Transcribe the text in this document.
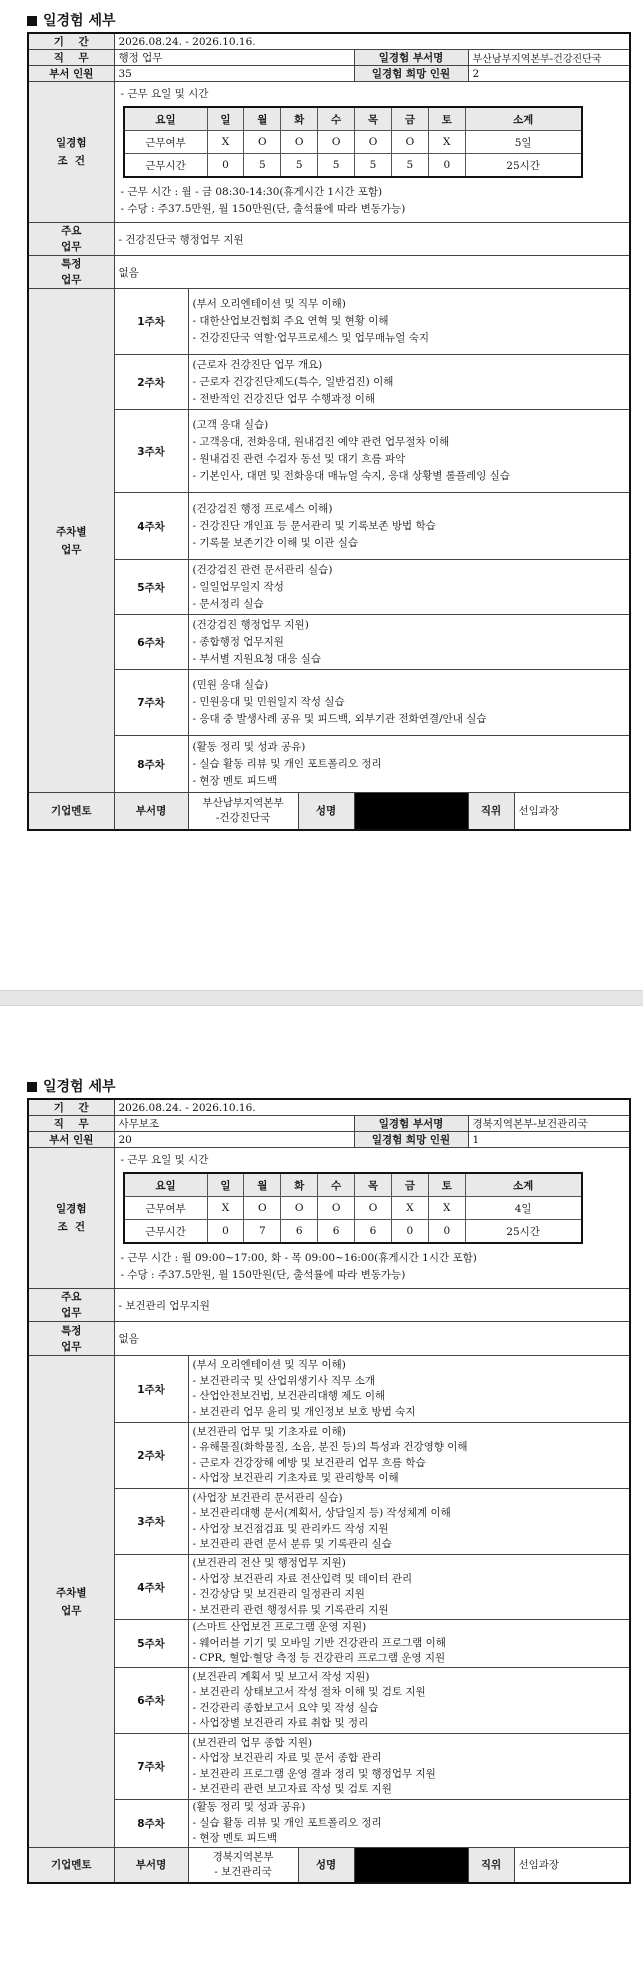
일경험 세부
기    간	2026.08.24. - 2026.10.16.
직    무	행정 업무	일경험 부서명	부산남부지역본부-건강진단국
부서 인원	35	일경험 희망 인원	2
일경험
조  건	
- 근무 요일 및 시간
요일	일	월	화	수	목	금	토	소계
근무여부	X	O	O	O	O	O	X	5일
근무시간	0	5	5	5	5	5	0	25시간
- 근무 시간 : 월 - 금 08:30-14:30(휴게시간 1시간 포함)
- 수당 : 주37.5만원, 월 150만원(단, 출석률에 따라 변동가능)

주요
업무	- 건강진단국 행정업무 지원
특정
업무	없음
주차별
업무	1주차	
(부서 오리엔테이션 및 직무 이해)
- 대한산업보건협회 주요 연혁 및 현황 이해
- 건강진단국 역할·업무프로세스 및 업무매뉴얼 숙지

2주차	
(근로자 건강진단 업무 개요)
- 근로자 건강진단제도(특수, 일반검진) 이해
- 전반적인 건강진단 업무 수행과정 이해

3주차	
(고객 응대 실습)
- 고객응대, 전화응대, 원내검진 예약 관련 업무절차 이해
- 원내검진 관련 수검자 동선 및 대기 흐름 파악
- 기본인사, 대면 및 전화응대 매뉴얼 숙지, 응대 상황별 롤플레잉 실습

4주차	
(건강검진 행정 프로세스 이해)
- 건강진단 개인표 등 문서관리 및 기록보존 방법 학습
- 기록물 보존기간 이해 및 이관 실습

5주차	
(건강검진 관련 문서관리 실습)
- 일일업무일지 작성
- 문서정리 실습

6주차	
(건강검진 행정업무 지원)
- 종합행정 업무지원
- 부서별 지원요청 대응 실습

7주차	
(민원 응대 실습)
- 민원응대 및 민원일지 작성 실습
- 응대 중 발생사례 공유 및 피드백, 외부기관 전화연결/안내 실습

8주차	
(활동 정리 및 성과 공유)
- 실습 활동 리뷰 및 개인 포트폴리오 정리
- 현장 멘토 피드백

기업멘토	부서명	
부산남부지역본부
-건강진단국
	성명		직위	선임과장
일경험 세부
기    간	2026.08.24. - 2026.10.16.
직    무	사무보조	일경험 부서명	경북지역본부-보건관리국
부서 인원	20	일경험 희망 인원	1
일경험
조  건	
- 근무 요일 및 시간
요일	일	월	화	수	목	금	토	소계
근무여부	X	O	O	O	O	X	X	4일
근무시간	0	7	6	6	6	0	0	25시간
- 근무 시간 : 월 09:00~17:00, 화 - 목 09:00~16:00(휴게시간 1시간 포함)
- 수당 : 주37.5만원, 월 150만원(단, 출석률에 따라 변동가능)

주요
업무	- 보건관리 업무지원
특정
업무	없음
주차별
업무	1주차	
(부서 오리엔테이션 및 직무 이해)
- 보건관리국 및 산업위생기사 직무 소개
- 산업안전보건법, 보건관리대행 제도 이해
- 보건관리 업무 윤리 및 개인정보 보호 방법 숙지

2주차	
(보건관리 업무 및 기초자료 이해)
- 유해물질(화학물질, 소음, 분진 등)의 특성과 건강영향 이해
- 근로자 건강장해 예방 및 보건관리 업무 흐름 학습
- 사업장 보건관리 기초자료 및 관리항목 이해

3주차	
(사업장 보건관리 문서관리 실습)
- 보건관리대행 문서(계획서, 상담일지 등) 작성체계 이해
- 사업장 보건점검표 및 관리카드 작성 지원
- 보건관리 관련 문서 분류 및 기록관리 실습

4주차	
(보건관리 전산 및 행정업무 지원)
- 사업장 보건관리 자료 전산입력 및 데이터 관리
- 건강상담 및 보건관리 일정관리 지원
- 보건관리 관련 행정서류 및 기록관리 지원

5주차	
(스마트 산업보건 프로그램 운영 지원)
- 웨어러블 기기 및 모바일 기반 건강관리 프로그램 이해
- CPR, 혈압·혈당 측정 등 건강관리 프로그램 운영 지원

6주차	
(보건관리 계획서 및 보고서 작성 지원)
- 보건관리 상태보고서 작성 절차 이해 및 검토 지원
- 건강관리 종합보고서 요약 및 작성 실습
- 사업장별 보건관리 자료 취합 및 정리

7주차	
(보건관리 업무 종합 지원)
- 사업장 보건관리 자료 및 문서 종합 관리
- 보건관리 프로그램 운영 결과 정리 및 행정업무 지원
- 보건관리 관련 보고자료 작성 및 검토 지원

8주차	
(활동 정리 및 성과 공유)
- 실습 활동 리뷰 및 개인 포트폴리오 정리
- 현장 멘토 피드백

기업멘토	부서명	
경북지역본부
- 보건관리국
	성명		직위	선임과장
